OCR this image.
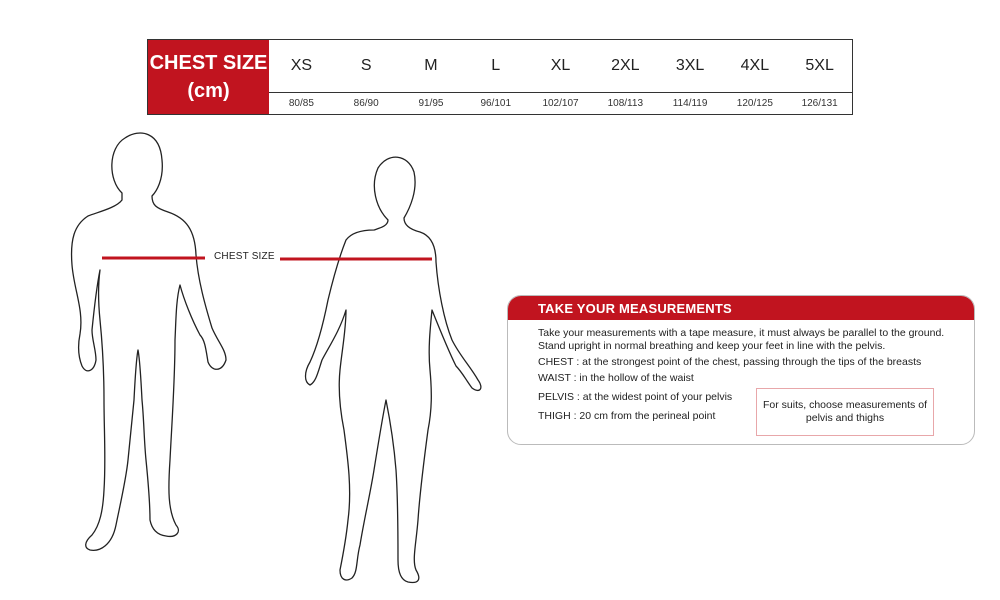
CHEST SIZE
(cm)
XS	S	M	L	XL	2XL	3XL	4XL	5XL
80/85	86/90	91/95	96/101	102/107	108/113	114/119	120/125	126/131
CHEST SIZE
TAKE YOUR MEASUREMENTS
Take your measurements with a tape measure, it must always be parallel to the ground.
Stand upright in normal breathing and keep your feet in line with the pelvis.
CHEST : at the strongest point of the chest, passing through the tips of the breasts
WAIST : in the hollow of the waist
PELVIS : at the widest point of your pelvis
THIGH : 20 cm from the perineal point
For suits, choose measurements of pelvis and thighs
